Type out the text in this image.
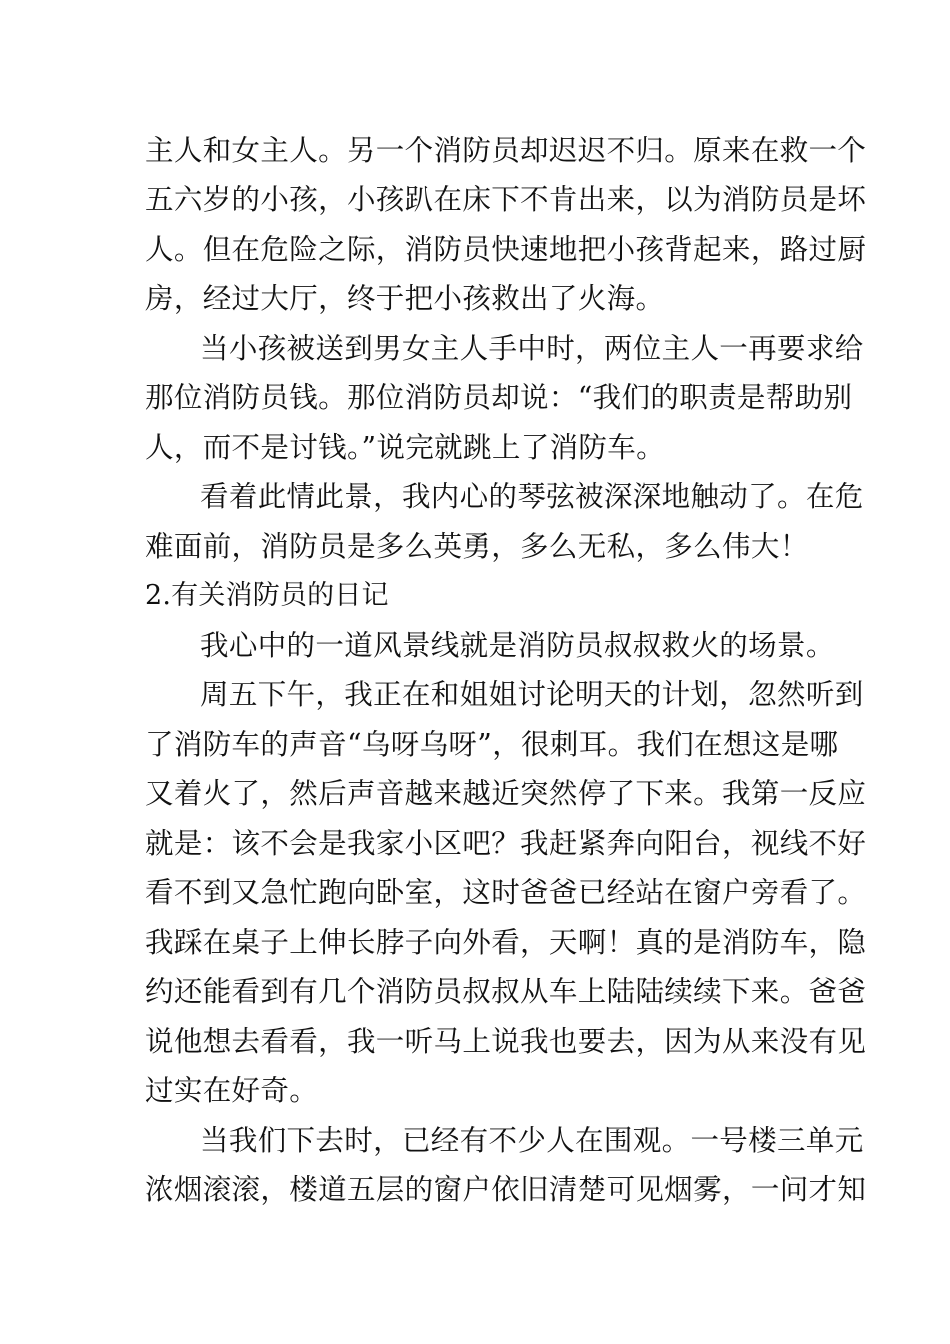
主人和女主人。另一个消防员却迟迟不归。原来在救一个
五六岁的小孩，小孩趴在床下不肯出来，以为消防员是坏
人。但在危险之际，消防员快速地把小孩背起来，路过厨
房，经过大厅，终于把小孩救出了火海。
当小孩被送到男女主人手中时，两位主人一再要求给
那位消防员钱。那位消防员却说：“我们的职责是帮助别
人，而不是讨钱。”说完就跳上了消防车。
看着此情此景，我内心的琴弦被深深地触动了。在危
难面前，消防员是多么英勇，多么无私，多么伟大！
2.有关消防员的日记
我心中的一道风景线就是消防员叔叔救火的场景。
周五下午，我正在和姐姐讨论明天的计划，忽然听到
了消防车的声音“乌呀乌呀”，很刺耳。我们在想这是哪
又着火了，然后声音越来越近突然停了下来。我第一反应
就是：该不会是我家小区吧？我赶紧奔向阳台，视线不好
看不到又急忙跑向卧室，这时爸爸已经站在窗户旁看了。
我踩在桌子上伸长脖子向外看，天啊！真的是消防车，隐
约还能看到有几个消防员叔叔从车上陆陆续续下来。爸爸
说他想去看看，我一听马上说我也要去，因为从来没有见
过实在好奇。
当我们下去时，已经有不少人在围观。一号楼三单元
浓烟滚滚，楼道五层的窗户依旧清楚可见烟雾，一问才知
